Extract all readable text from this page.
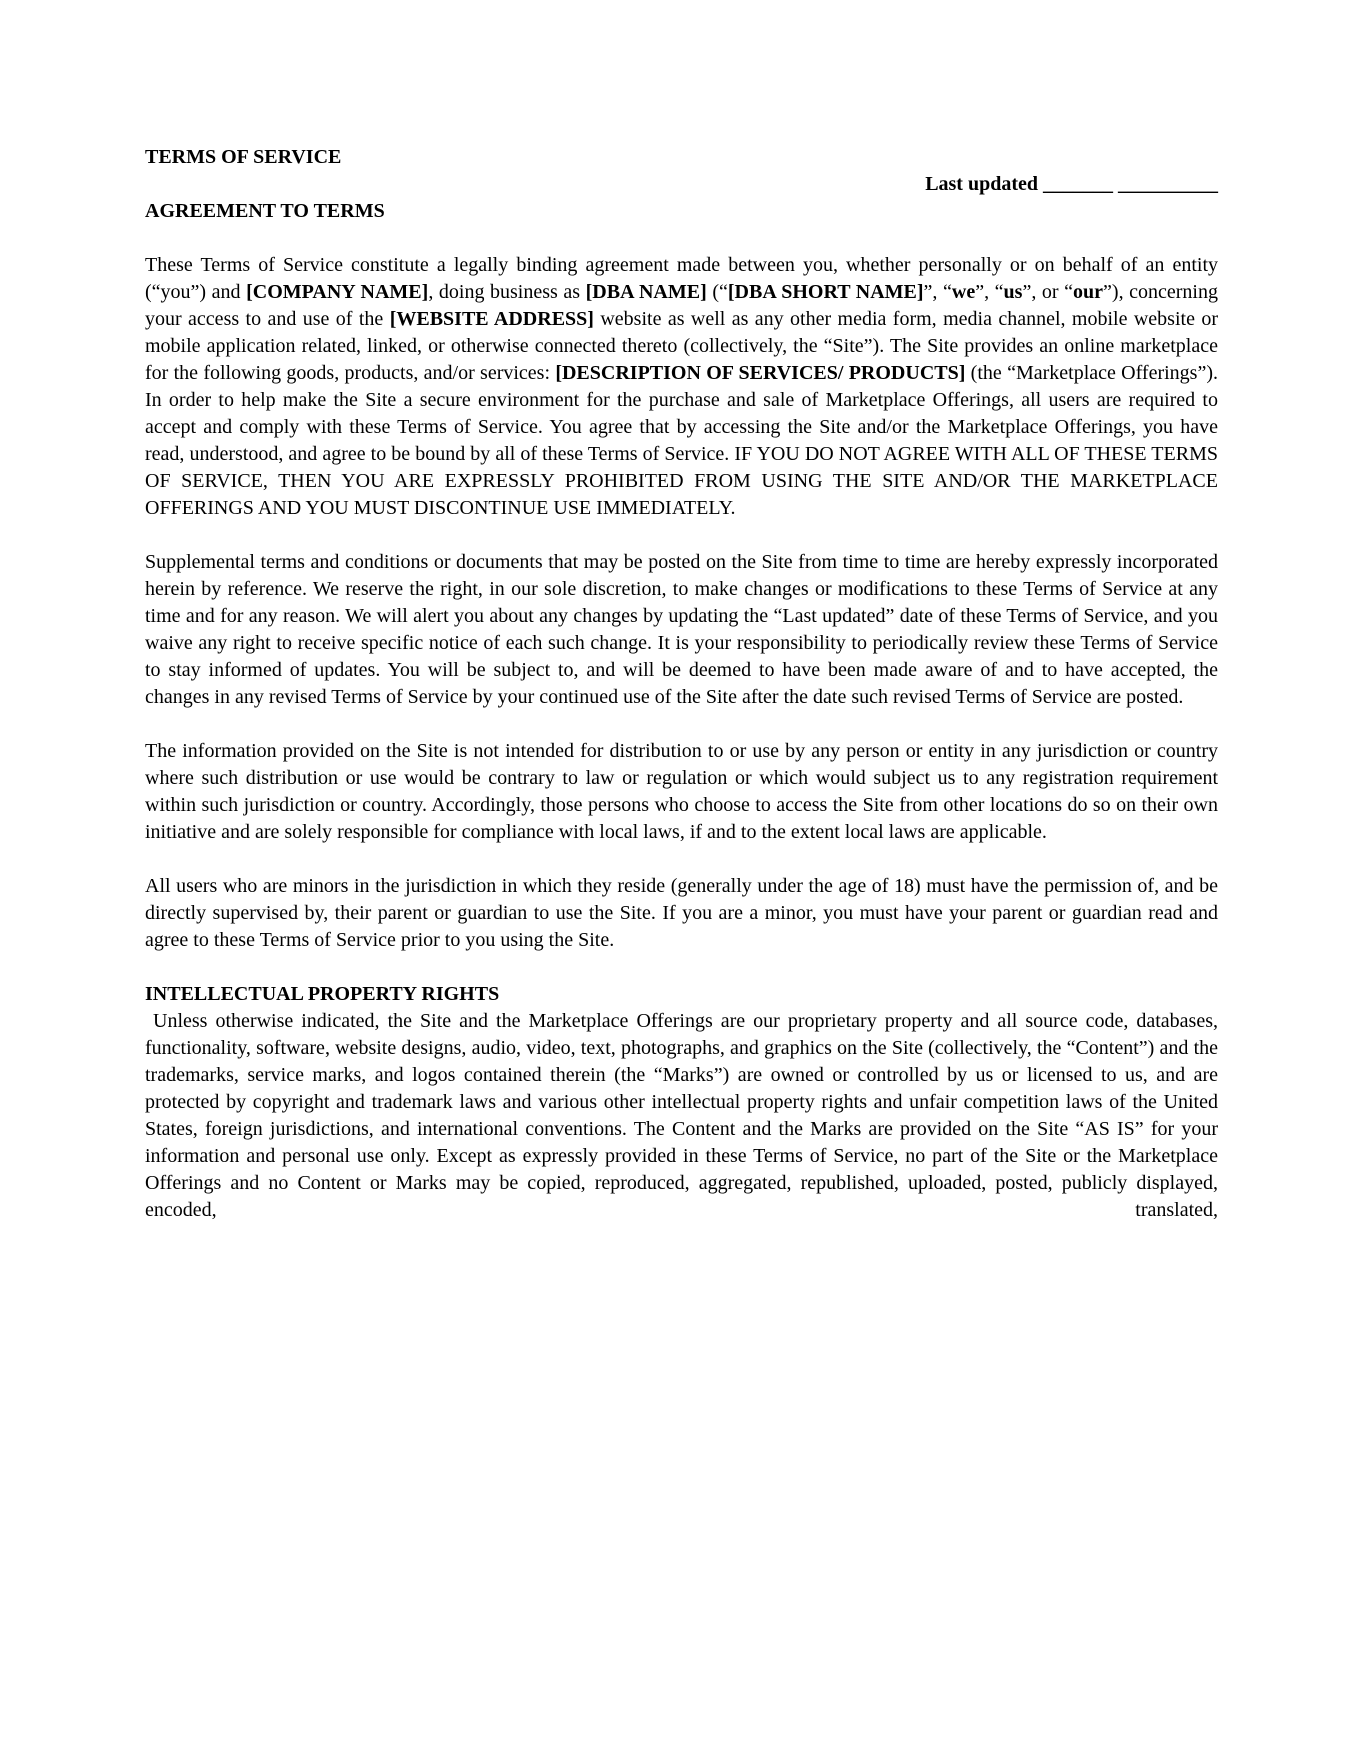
TERMS OF SERVICE
Last updated _______ __________
AGREEMENT TO TERMS

These Terms of Service constitute a legally binding agreement made between you, whether personally or on behalf of an entity (“you”) and [COMPANY NAME], doing business as [DBA NAME] (“[DBA SHORT NAME]”, “we”, “us”, or “our”), concerning your access to and use of the [WEBSITE ADDRESS] website as well as any other media form, media channel, mobile website or mobile application related, linked, or otherwise connected thereto (collectively, the “Site”). The Site provides an online marketplace for the following goods, products, and/or services: [DESCRIPTION OF SERVICES/ PRODUCTS] (the “Marketplace Offerings”). In order to help make the Site a secure environment for the purchase and sale of Marketplace Offerings, all users are required to accept and comply with these Terms of Service. You agree that by accessing the Site and/or the Marketplace Offerings, you have read, understood, and agree to be bound by all of these Terms of Service. IF YOU DO NOT AGREE WITH ALL OF THESE TERMS OF SERVICE, THEN YOU ARE EXPRESSLY PROHIBITED FROM USING THE SITE AND/OR THE MARKETPLACE OFFERINGS AND YOU MUST DISCONTINUE USE IMMEDIATELY.

Supplemental terms and conditions or documents that may be posted on the Site from time to time are hereby expressly incorporated herein by reference. We reserve the right, in our sole discretion, to make changes or modifications to these Terms of Service at any time and for any reason. We will alert you about any changes by updating the “Last updated” date of these Terms of Service, and you waive any right to receive specific notice of each such change. It is your responsibility to periodically review these Terms of Service to stay informed of updates. You will be subject to, and will be deemed to have been made aware of and to have accepted, the changes in any revised Terms of Service by your continued use of the Site after the date such revised Terms of Service are posted.

The information provided on the Site is not intended for distribution to or use by any person or entity in any jurisdiction or country where such distribution or use would be contrary to law or regulation or which would subject us to any registration requirement within such jurisdiction or country. Accordingly, those persons who choose to access the Site from other locations do so on their own initiative and are solely responsible for compliance with local laws, if and to the extent local laws are applicable.

All users who are minors in the jurisdiction in which they reside (generally under the age of 18) must have the permission of, and be directly supervised by, their parent or guardian to use the Site. If you are a minor, you must have your parent or guardian read and agree to these Terms of Service prior to you using the Site.

INTELLECTUAL PROPERTY RIGHTS

Unless otherwise indicated, the Site and the Marketplace Offerings are our proprietary property and all source code, databases, functionality, software, website designs, audio, video, text, photographs, and graphics on the Site (collectively, the “Content”) and the trademarks, service marks, and logos contained therein (the “Marks”) are owned or controlled by us or licensed to us, and are protected by copyright and trademark laws and various other intellectual property rights and unfair competition laws of the United States, foreign jurisdictions, and international conventions. The Content and the Marks are provided on the Site “AS IS” for your information and personal use only. Except as expressly provided in these Terms of Service, no part of the Site or the Marketplace Offerings and no Content or Marks may be copied, reproduced, aggregated, republished, uploaded, posted, publicly displayed, encoded, translated,
